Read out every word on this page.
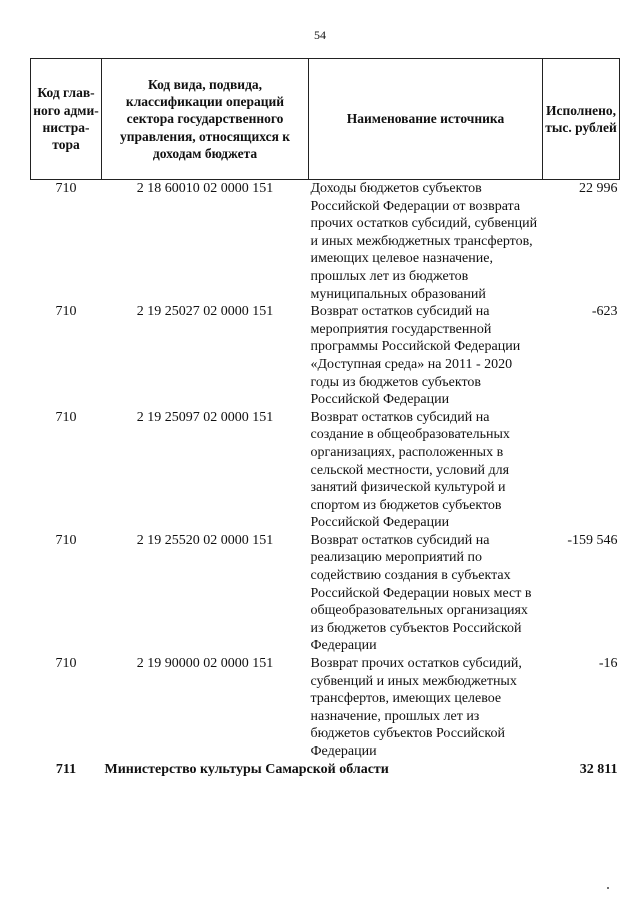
54
Код глав-ного адми-нистра-тора	Код вида, подвида, классификации операций сектора государственного управления, относящихся к доходам бюджета	Наименование источника	Исполнено, тыс. рублей
710	2 18 60010 02 0000 151	Доходы бюджетов субъектов Российской Федерации от возврата прочих остатков субсидий, субвенций и иных межбюджетных трансфертов, имеющих целевое назначение, прошлых лет из бюджетов муниципальных образований	22 996
710	2 19 25027 02 0000 151	Возврат остатков субсидий на мероприятия государственной программы Российской Федерации «Доступная среда» на 2011 - 2020 годы из бюджетов субъектов Российской Федерации	-623
710	2 19 25097 02 0000 151	Возврат остатков субсидий на создание в общеобразовательных организациях, расположенных в сельской местности, условий для занятий физической культурой и спортом из бюджетов субъектов Российской Федерации	
710	2 19 25520 02 0000 151	Возврат остатков субсидий на реализацию мероприятий по содействию создания в субъектах Российской Федерации новых мест в общеобразовательных организациях из бюджетов субъектов Российской Федерации	-159 546
710	2 19 90000 02 0000 151	Возврат прочих остатков субсидий, субвенций и иных межбюджетных трансфертов, имеющих целевое назначение, прошлых лет из бюджетов субъектов Российской Федерации	-16
711	Министерство культуры Самарской области		32 811
